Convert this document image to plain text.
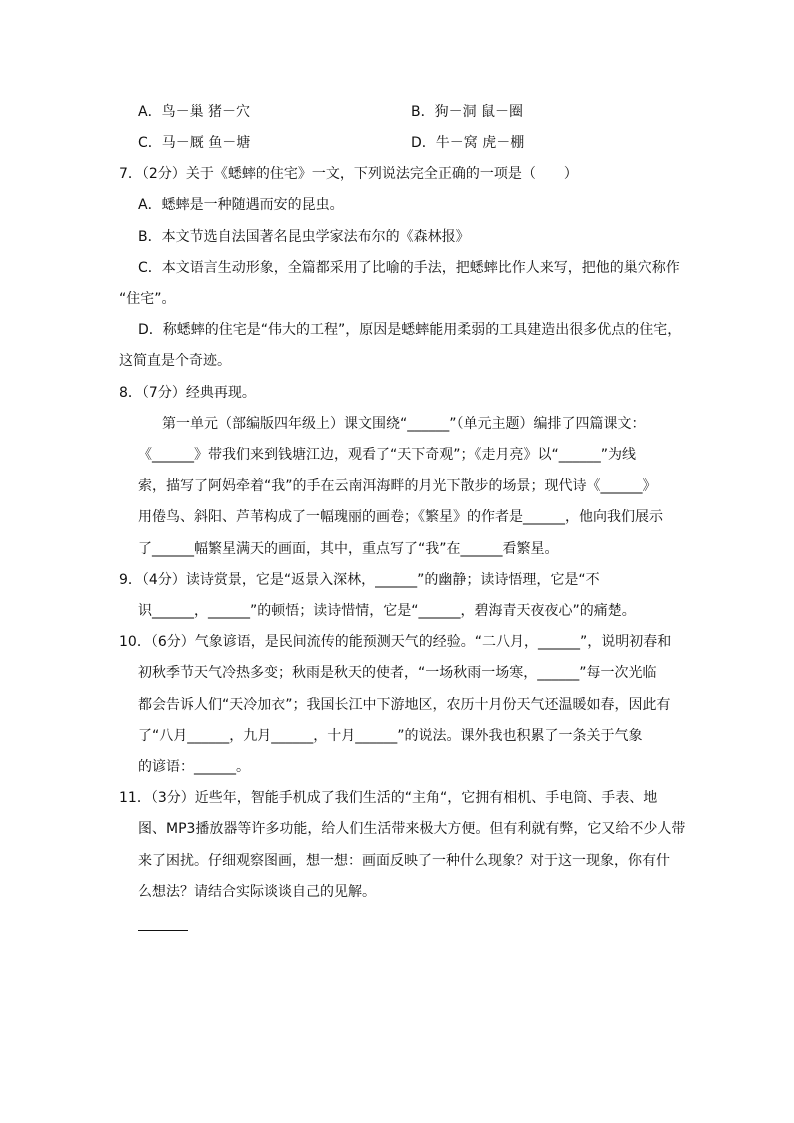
A．鸟－巢 猪－穴	B．狗－洞 鼠－圈
C．马－厩 鱼－塘	D．牛－窝 虎－棚
7．（2分）关于《蟋蟀的住宅》一文，下列说法完全正确的一项是（　　）
A．蟋蟀是一种随遇而安的昆虫。
B．本文节选自法国著名昆虫学家法布尔的《森林报》
C．本文语言生动形象，全篇都采用了比喻的手法，把蟋蟀比作人来写，把他的巢穴称作
“住宅”。
D．称蟋蟀的住宅是“伟大的工程”，原因是蟋蟀能用柔弱的工具建造出很多优点的住宅，
这简直是个奇迹。
8．（7分）经典再现。
第一单元（部编版四年级上）课文围绕“______”（单元主题）编排了四篇课文：
《______》带我们来到钱塘江边，观看了“天下奇观”；《走月亮》以“______”为线
索，描写了阿妈牵着“我”的手在云南洱海畔的月光下散步的场景；现代诗《______》
用倦鸟、斜阳、芦苇构成了一幅瑰丽的画卷；《繁星》的作者是______，他向我们展示
了______幅繁星满天的画面，其中，重点写了“我”在______看繁星。
9．（4分）读诗赏景，它是“返景入深林，______”的幽静；读诗悟理，它是“不
识______，______”的顿悟；读诗惜情，它是“______，碧海青天夜夜心”的痛楚。
10．（6分）气象谚语，是民间流传的能预测天气的经验。“二八月，______”，说明初春和
初秋季节天气冷热多变；秋雨是秋天的使者，“一场秋雨一场寒，______”每一次光临
都会告诉人们“天冷加衣”；我国长江中下游地区，农历十月份天气还温暖如春，因此有
了“八月______，九月______，十月______”的说法。课外我也积累了一条关于气象
的谚语：______。
11．（3分）近些年，智能手机成了我们生活的“主角“，它拥有相机、手电筒、手表、地
图、MP3播放器等许多功能，给人们生活带来极大方便。但有利就有弊，它又给不少人带
来了困扰。仔细观察图画，想一想：画面反映了一种什么现象？对于这一现象，你有什
么想法？请结合实际谈谈自己的见解。
